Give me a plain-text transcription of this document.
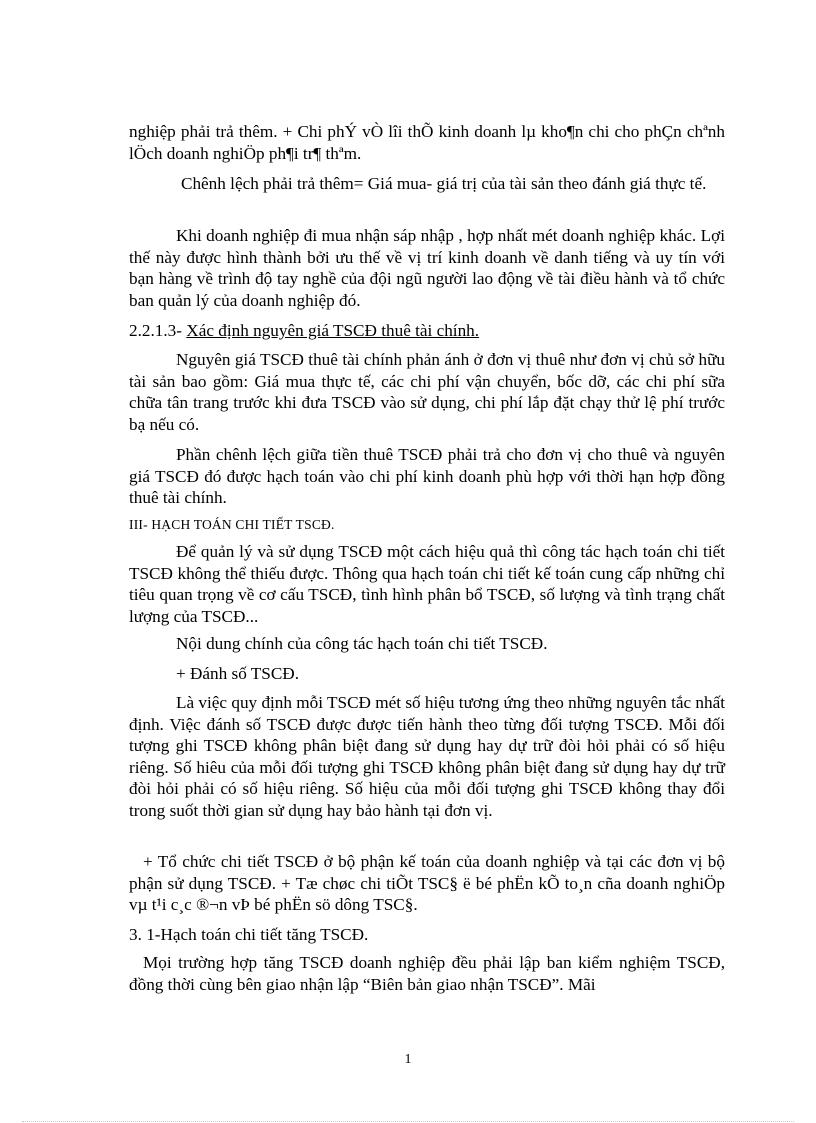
nghiệp phải trả thêm. + Chi phÝ vÒ lîi thÕ kinh doanh lµ kho¶n chi cho phÇn chªnh lÖch doanh nghiÖp ph¶i tr¶ thªm.

Chênh lệch phải trả thêm= Giá mua- giá trị của tài sản theo đánh giá thực tế.

Khi doanh nghiệp đi mua nhận sáp nhập , hợp nhất mét doanh nghiệp khác. Lợi thế này được hình thành bởi ưu thế về vị trí kinh doanh về danh tiếng và uy tín với bạn hàng về trình độ tay nghề của đội ngũ người lao động về tài điều hành và tổ chức ban quản lý của doanh nghiệp đó.

2.2.1.3- Xác định nguyên giá TSCĐ thuê tài chính.

Nguyên giá TSCĐ thuê tài chính phản ánh ở đơn vị thuê như đơn vị chủ sở hữu tài sản bao gồm: Giá mua thực tế, các chi phí vận chuyển, bốc dỡ, các chi phí sữa chữa tân trang trước khi đưa TSCĐ vào sử dụng, chi phí lắp đặt chạy thử lệ phí trước bạ nếu có.

Phần chênh lệch giữa tiền thuê TSCĐ phải trả cho đơn vị cho thuê và nguyên giá TSCĐ đó được hạch toán vào chi phí kinh doanh phù hợp với thời hạn hợp đồng thuê tài chính.

III- HẠCH TOÁN CHI TIẾT TSCĐ.

Để quản lý và sử dụng TSCĐ một cách hiệu quả thì công tác hạch toán chi tiết TSCĐ không thể thiếu được. Thông qua hạch toán chi tiết kế toán cung cấp những chỉ tiêu quan trọng về cơ cấu TSCĐ, tình hình phân bổ TSCĐ, số lượng và tình trạng chất lượng của TSCĐ...

Nội dung chính của công tác hạch toán chi tiết TSCĐ.

+ Đánh số TSCĐ.

Là việc quy định mỗi TSCĐ mét số hiệu tương ứng theo những nguyên tắc nhất định. Việc đánh số TSCĐ được được tiến hành theo từng đối tượng TSCĐ. Mỗi đối tượng ghi TSCĐ không phân biệt đang sử dụng hay dự trữ đòi hỏi phải có số hiệu riêng. Số hiêu của mỗi đối tượng ghi TSCĐ không phân biệt đang sử dụng hay dự trữ đòi hỏi phải có số hiệu riêng. Số hiệu của mỗi đối tượng ghi TSCĐ không thay đổi trong suốt thời gian sử dụng hay bảo hành tại đơn vị.

+ Tổ chức chi tiết TSCĐ ở bộ phận kế toán của doanh nghiệp và tại các đơn vị bộ phận sử dụng TSCĐ. + Tæ chøc chi tiÕt TSC§ ë bé phËn kÕ to¸n cña doanh nghiÖp vµ t¹i c¸c ®¬n vÞ bé phËn sö dông TSC§.

3. 1-Hạch toán chi tiết tăng TSCĐ.

Mọi trường hợp tăng TSCĐ doanh nghiệp đều phải lập ban kiểm nghiệm TSCĐ, đồng thời cùng bên giao nhận lập “Biên bản giao nhận TSCĐ”. Mãi

1
